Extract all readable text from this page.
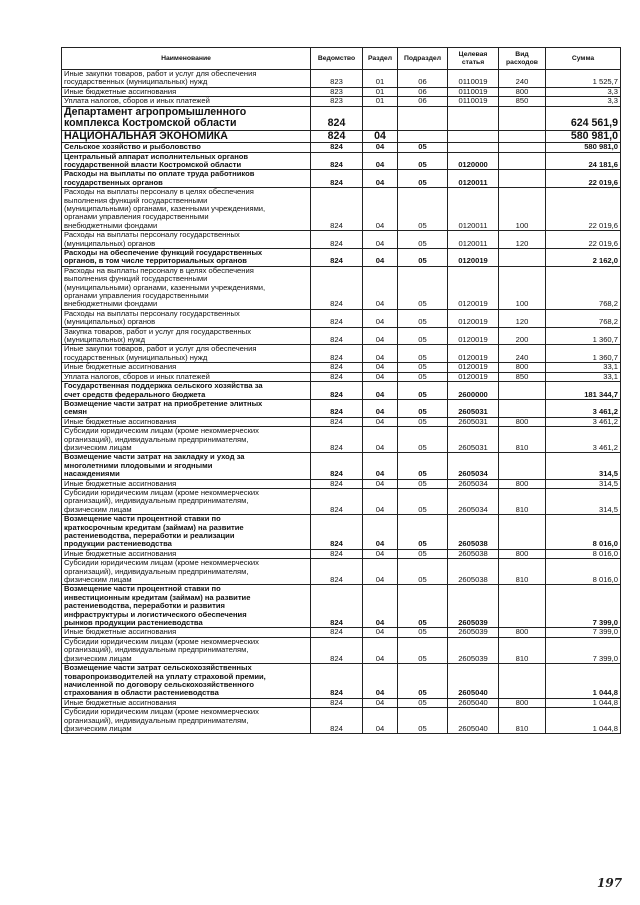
Наименование	Ведомство	Раздел	Подраздел	Целевая статья	Вид расходов	Сумма

Иные закупки товаров, работ и услуг для обеспечения
государственных (муниципальных) нужд	823	01	06	0110019	240	1 525,7

Иные бюджетные ассигнования	823	01	06	0110019	800	3,3

Уплата налогов, сборов и иных платежей	823	01	06	0110019	850	3,3

Департамент агропромышленного
комплекса Костромской области	824					624 561,9

НАЦИОНАЛЬНАЯ ЭКОНОМИКА	824	04				580 981,0

Сельское хозяйство и рыболовство	824	04	05			580 981,0

Центральный аппарат исполнительных органов
государственной власти Костромской области	824	04	05	0120000		24 181,6

Расходы на выплаты по оплате труда работников
государственных органов	824	04	05	0120011		22 019,6

Расходы на выплаты персоналу в целях обеспечения
выполнения функций государственными
(муниципальными) органами, казенными учреждениями,
органами управления государственными
внебюджетными фондами	824	04	05	0120011	100	22 019,6

Расходы на выплаты персоналу государственных
(муниципальных) органов	824	04	05	0120011	120	22 019,6

Расходы на обеспечение функций государственных
органов, в том числе территориальных органов	824	04	05	0120019		2 162,0

Расходы на выплаты персоналу в целях обеспечения
выполнения функций государственными
(муниципальными) органами, казенными учреждениями,
органами управления государственными
внебюджетными фондами	824	04	05	0120019	100	768,2

Расходы на выплаты персоналу государственных
(муниципальных) органов	824	04	05	0120019	120	768,2

Закупка товаров, работ и услуг для государственных
(муниципальных) нужд	824	04	05	0120019	200	1 360,7

Иные закупки товаров, работ и услуг для обеспечения
государственных (муниципальных) нужд	824	04	05	0120019	240	1 360,7

Иные бюджетные ассигнования	824	04	05	0120019	800	33,1

Уплата налогов, сборов и иных платежей	824	04	05	0120019	850	33,1

Государственная поддержка сельского хозяйства за
счет средств федерального бюджета	824	04	05	2600000		181 344,7

Возмещение части затрат на приобретение элитных
семян	824	04	05	2605031		3 461,2

Иные бюджетные ассигнования	824	04	05	2605031	800	3 461,2

Субсидии юридическим лицам (кроме некоммерческих
организаций), индивидуальным предпринимателям,
физическим лицам	824	04	05	2605031	810	3 461,2

Возмещение части затрат на закладку и уход за
многолетними плодовыми и ягодными
насаждениями	824	04	05	2605034		314,5

Иные бюджетные ассигнования	824	04	05	2605034	800	314,5

Субсидии юридическим лицам (кроме некоммерческих
организаций), индивидуальным предпринимателям,
физическим лицам	824	04	05	2605034	810	314,5

Возмещение части процентной ставки по
краткосрочным кредитам (займам) на развитие
растениеводства, переработки и реализации
продукции растениеводства	824	04	05	2605038		8 016,0

Иные бюджетные ассигнования	824	04	05	2605038	800	8 016,0

Субсидии юридическим лицам (кроме некоммерческих
организаций), индивидуальным предпринимателям,
физическим лицам	824	04	05	2605038	810	8 016,0

Возмещение части процентной ставки по
инвестиционным кредитам (займам) на развитие
растениеводства, переработки и развития
инфраструктуры и логистического обеспечения
рынков продукции растениеводства	824	04	05	2605039		7 399,0

Иные бюджетные ассигнования	824	04	05	2605039	800	7 399,0

Субсидии юридическим лицам (кроме некоммерческих
организаций), индивидуальным предпринимателям,
физическим лицам	824	04	05	2605039	810	7 399,0

Возмещение части затрат сельскохозяйственных
товаропроизводителей на уплату страховой премии,
начисленной по договору сельскохозяйственного
страхования в области растениеводства	824	04	05	2605040		1 044,8

Иные бюджетные ассигнования	824	04	05	2605040	800	1 044,8

Субсидии юридическим лицам (кроме некоммерческих
организаций), индивидуальным предпринимателям,
физическим лицам	824	04	05	2605040	810	1 044,8
197
